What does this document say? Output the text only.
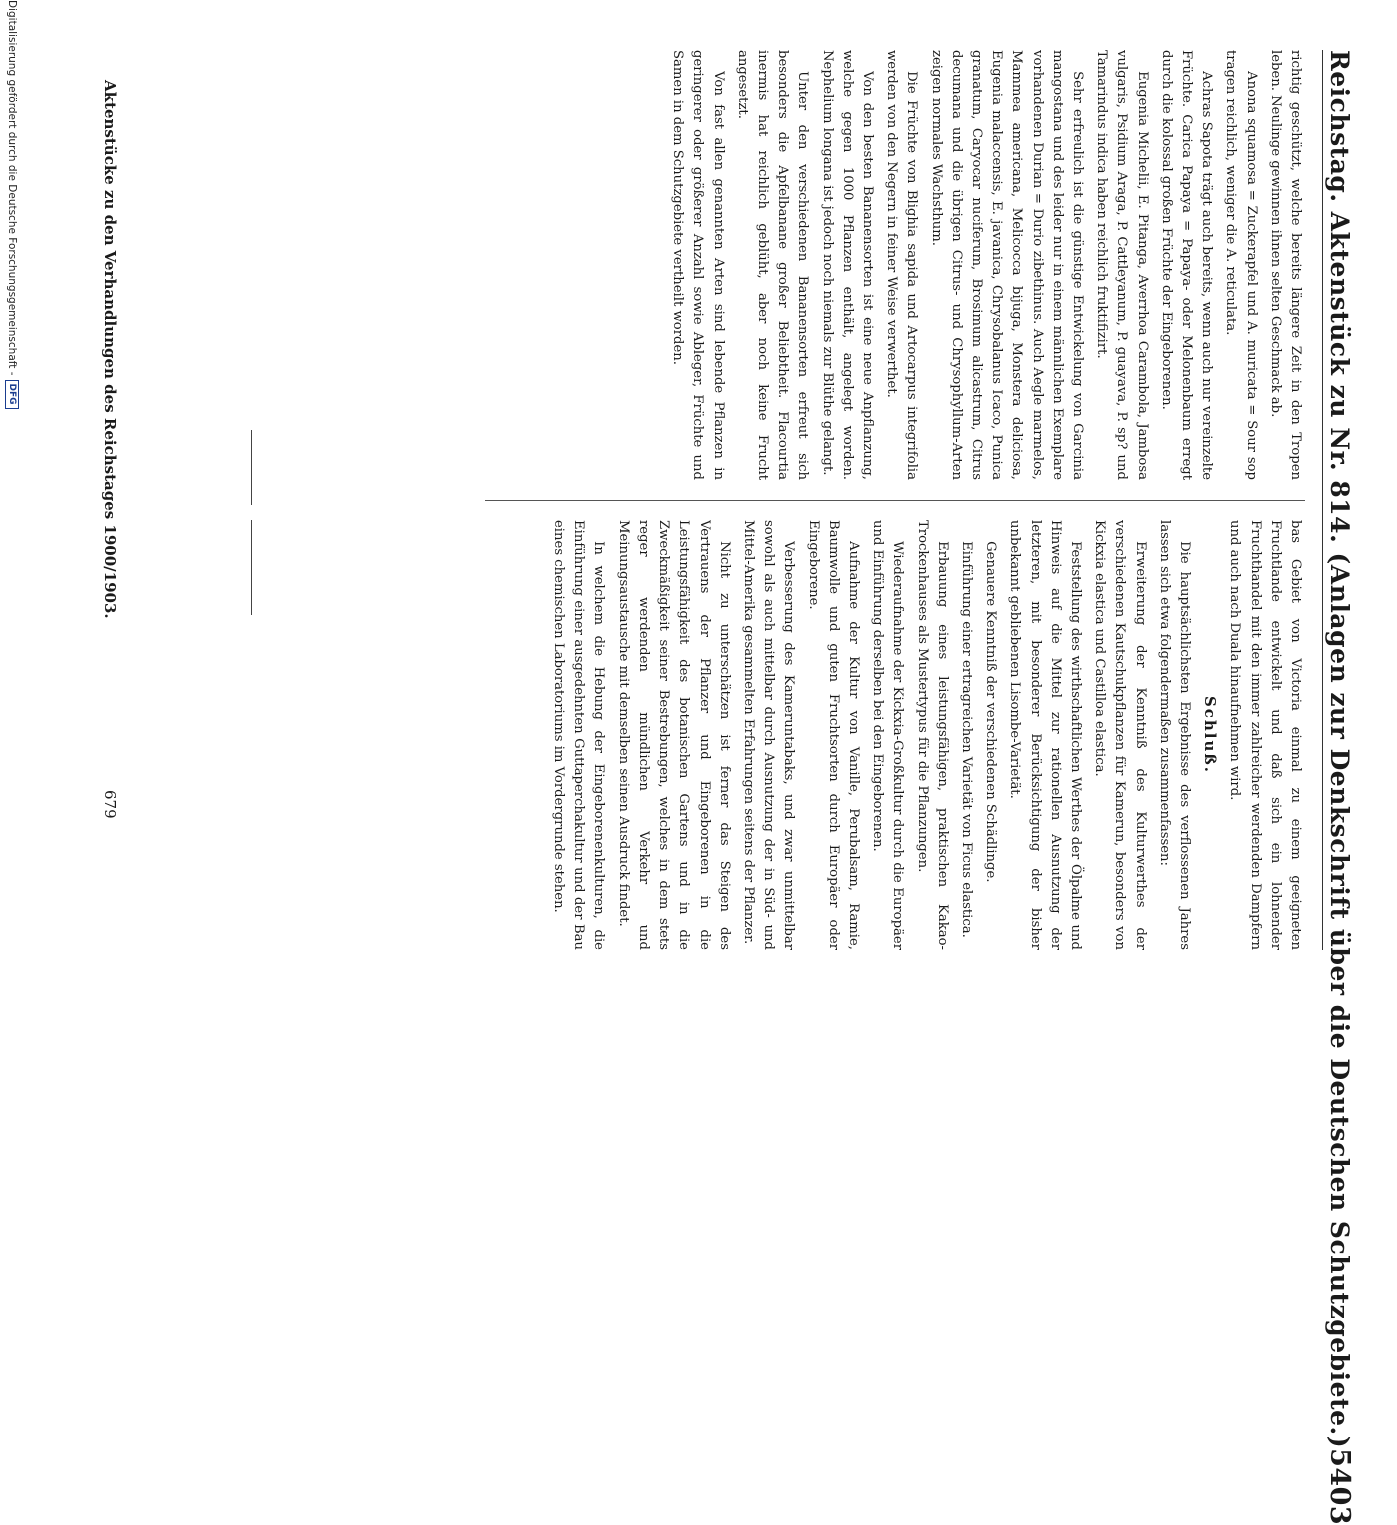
Reichstag. Aktenstück zu Nr. 814. (Anlagen zur Denkschrift über die Deutschen Schutzgebiete.)
5403

richtig geschützt, welche bereits längere Zeit in den Tropen leben. Neulinge gewinnen ihnen selten Geschmack ab.

Anona squamosa = Zuckerapfel und A. muricata = Sour sop tragen reichlich, weniger die A. reticulata.

Achras Sapota trägt auch bereits, wenn auch nur vereinzelte Früchte. Carica Papaya = Papaya- oder Melonenbaum erregt durch die kolossal großen Früchte der Eingeborenen.

Eugenia Michelii, E. Pitanga, Averrhoa Carambola, Jambosa vulgaris, Psidium Araga, P. Cattleyanum, P. guayava, P. sp? und Tamarindus indica haben reichlich fruktifizirt.

Sehr erfreulich ist die günstige Entwickelung von Garcinia mangostana und des leider nur in einem männlichen Exemplare vorhandenen Durian = Durio zibethinus. Auch Aegle marmelos, Mammea americana, Melicocca bijuga, Monstera deliciosa, Eugenia malaccensis, E. javanica, Chrysobalanus Icaco, Punica granatum, Caryocar nuciferum, Brosimum alicastrum, Citrus decumana und die übrigen Citrus- und Chrysophyllum-Arten zeigen normales Wachsthum.

Die Früchte von Blighia sapida und Artocarpus integrifolia werden von den Negern in feiner Weise verwerthet.

Von den besten Bananensorten ist eine neue Anpflanzung, welche gegen 1000 Pflanzen enthält, angelegt worden. Nephelium longana ist jedoch noch niemals zur Blüthe gelangt.

Unter den verschiedenen Bananensorten erfreut sich besonders die Apfelbanane großer Beliebtheit. Flacourtia inermis hat reichlich geblüht, aber noch keine Frucht angesetzt.

Von fast allen genannten Arten sind lebende Pflanzen in geringerer oder größerer Anzahl sowie Ableger, Früchte und Samen in dem Schutzgebiete vertheilt worden.

bas Gebiet von Victoria einmal zu einem geeigneten Fruchtlande entwickelt und daß sich ein lohnender Fruchthandel mit den immer zahlreicher werdenden Dampfern und auch nach Duala hinaufnehmen wird.

Schluß.

Die hauptsächlichsten Ergebnisse des verflossenen Jahres lassen sich etwa folgendermaßen zusammenfassen:

Erweiterung der Kenntniß des Kulturwerthes der verschiedenen Kautschukpflanzen für Kamerun, besonders von Kickxia elastica und Castilloa elastica.

Feststellung des wirthschaftlichen Werthes der Ölpalme und Hinweis auf die Mittel zur rationellen Ausnutzung der letzteren, mit besonderer Berücksichtigung der bisher unbekannt gebliebenen Lisombe-Varietät.

Genauere Kenntniß der verschiedenen Schädlinge.

Einführung einer ertragreichen Varietät von Ficus elastica.

Erbauung eines leistungsfähigen, praktischen Kakao-Trockenhauses als Mustertypus für die Pflanzungen.

Wiederaufnahme der Kickxia-Großkultur durch die Europäer und Einführung derselben bei den Eingeborenen.

Aufnahme der Kultur von Vanille, Perubalsam, Ramie, Baumwolle und guten Fruchtsorten durch Europäer oder Eingeborene.

Verbesserung des Kameruntabaks, und zwar unmittelbar sowohl als auch mittelbar durch Ausnutzung der in Süd- und Mittel-Amerika gesammelten Erfahrungen seitens der Pflanzer.

Nicht zu unterschätzen ist ferner das Steigen des Vertrauens der Pflanzer und Eingeborenen in die Leistungsfähigkeit des botanischen Gartens und in die Zweckmäßigkeit seiner Bestrebungen, welches in dem stets reger werdenden mündlichen Verkehr und Meinungsaustausche mit demselben seinen Ausdruck findet.

In welchem die Hebung der Eingeborenenkulturen, die Einführung einer ausgedehnten Guttaperchakultur und der Bau eines chemischen Laboratoriums im Vordergrunde stehen.

Aktenstücke zu den Verhandlungen des Reichstages 1900/1903.
679
Digitalisierung gefördert durch die Deutsche Forschungsgemeinschaft -
DFG
